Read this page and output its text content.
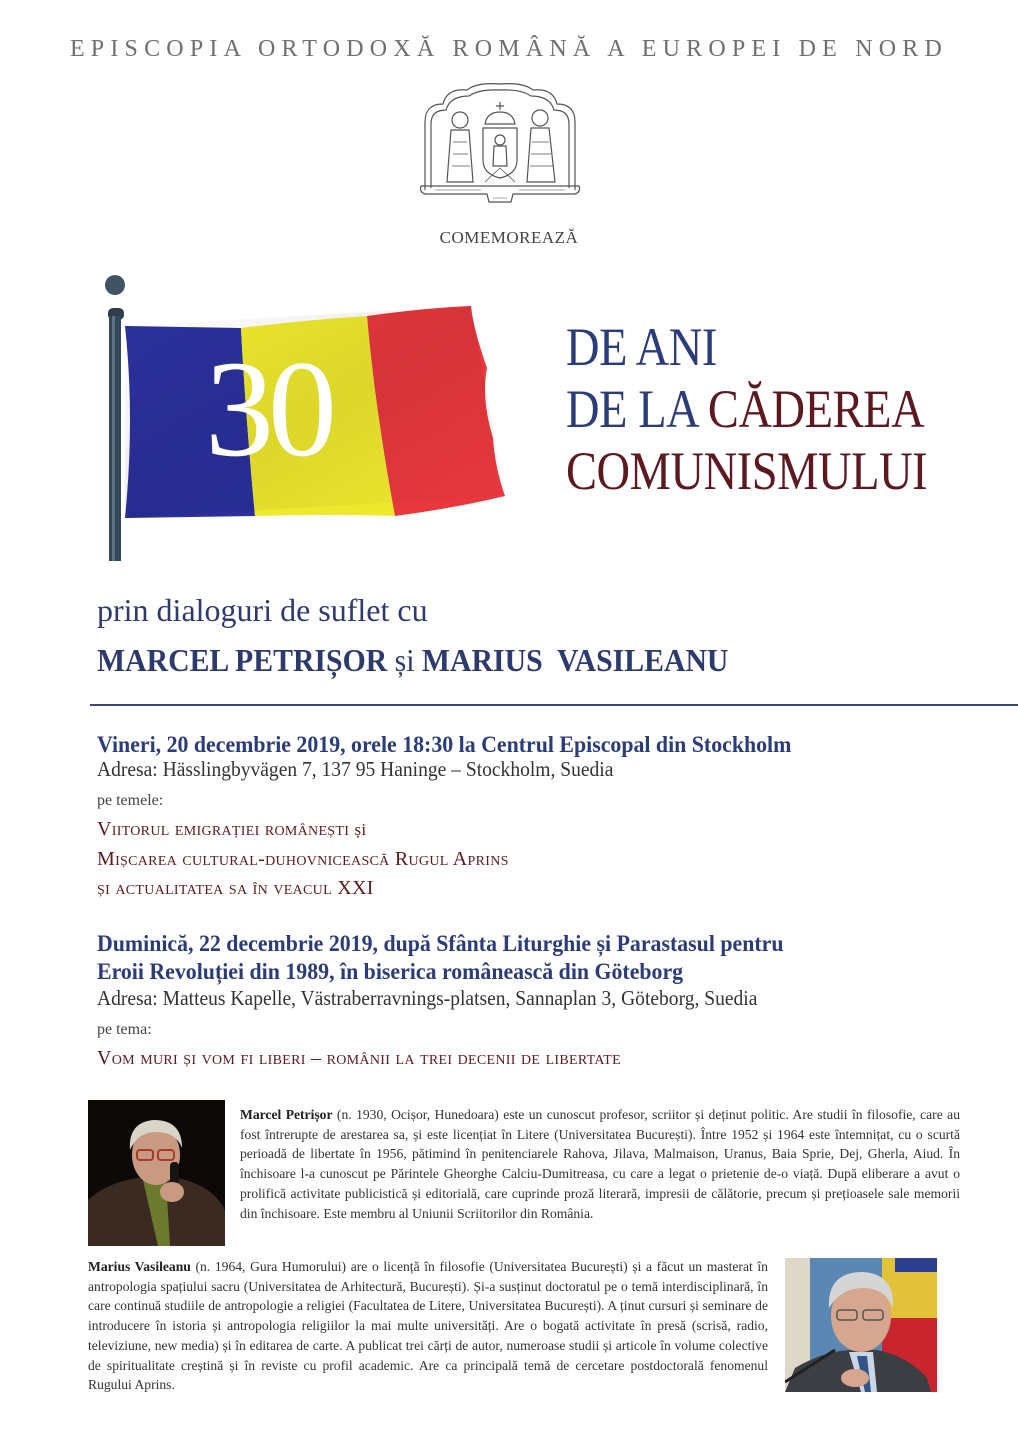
EPISCOPIA ORTODOXĂ ROMÂNĂ A EUROPEI DE NORD
COMEMOREAZĂ
30	DE ANI
DE LA CĂDEREA
COMUNISMULUI
prin dialoguri de suflet cu
MARCEL PETRIȘOR și MARIUS  VASILEANU
Vineri, 20 decembrie 2019, orele 18:30 la Centrul Episcopal din Stockholm
Adresa: Hässlingbyvägen 7, 137 95 Haninge – Stockholm, Suedia
pe temele:
Viitorul emigrației românești și
Mișcarea cultural-duhovnicească Rugul Aprins
și actualitatea sa în veacul XXI
Duminică, 22 decembrie 2019, după Sfânta Liturghie și Parastasul pentru
Eroii Revoluției din 1989, în biserica românească din Göteborg
Adresa: Matteus Kapelle, Västraberravnings-platsen, Sannaplan 3, Göteborg, Suedia
pe tema:
Vom muri și vom fi liberi – românii la trei decenii de libertate
Marcel Petrișor (n. 1930, Ocișor, Hunedoara) este un cunoscut profesor, scriitor și deținut politic. Are studii în filosofie, care au fost întrerupte de arestarea sa, și este licențiat în Litere (Universitatea București). Între 1952 și 1964 este întemnițat, cu o scurtă perioadă de libertate în 1956, pătimind în penitenciarele Rahova, Jilava, Malmaison, Uranus, Baia Sprie, Dej, Gherla, Aiud. În închisoare l-a cunoscut pe Părintele Gheorghe Calciu-Dumitreasa, cu care a legat o prietenie de-o viață. După eliberare a avut o prolifică activitate publicistică și editorială, care cuprinde proză literară, impresii de călătorie, precum și prețioasele sale memorii din închisoare. Este membru al Uniunii Scriitorilor din România.
Marius Vasileanu (n. 1964, Gura Humorului) are o licență în filosofie (Universitatea București) și a făcut un masterat în antropologia spațiului sacru (Universitatea de Arhitectură, București). Și-a susținut doctoratul pe o temă interdisciplinară, în care continuă studiile de antropologie a religiei (Facultatea de Litere, Universitatea București). A ținut cursuri și seminare de introducere în istoria și antropologia religiilor la mai multe universități. Are o bogată activitate în presă (scrisă, radio, televiziune, new media) și în editarea de carte. A publicat trei cărți de autor, numeroase studii și articole în volume colective de spiritualitate creștină și în reviste cu profil academic. Are ca principală temă de cercetare postdoctorală fenomenul Rugului Aprins.
